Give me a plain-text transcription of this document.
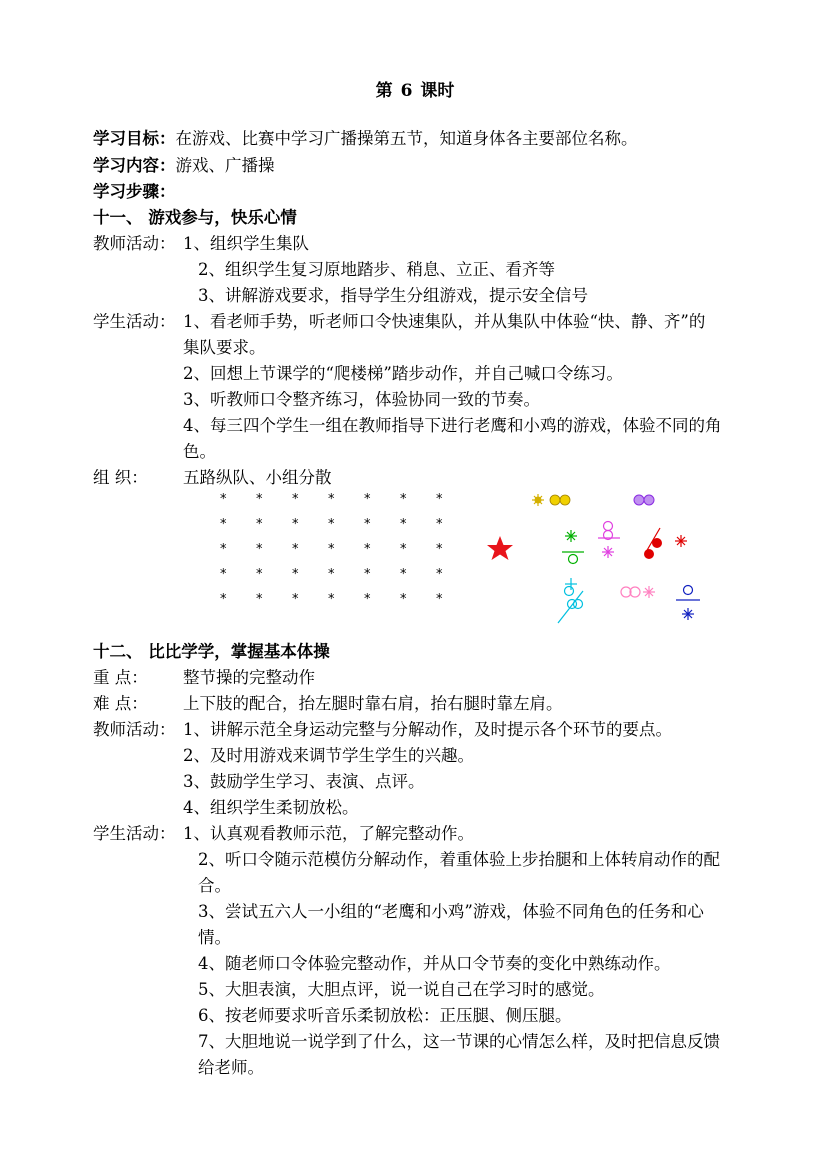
第 6 课时
学习目标：在游戏、比赛中学习广播操第五节，知道身体各主要部位名称。
学习内容：游戏、广播操
学习步骤：
十一、 游戏参与，快乐心情
教师活动： 1、组织学生集队
2、组织学生复习原地踏步、稍息、立正、看齐等
3、讲解游戏要求，指导学生分组游戏，提示安全信号
学生活动： 1、看老师手势，听老师口令快速集队，并从集队中体验“快、静、齐”的
集队要求。
2、回想上节课学的“爬楼梯”踏步动作，并自己喊口令练习。
3、听教师口令整齐练习，体验协同一致的节奏。
4、每三四个学生一组在教师指导下进行老鹰和小鸡的游戏，体验不同的角
色。
组 织： 五路纵队、小组分散
* * * * * * *
* * * * * * *
* * * * * * *
* * * * * * *
* * * * * * *
十二、 比比学学，掌握基本体操
重 点： 整节操的完整动作
难 点： 上下肢的配合，抬左腿时靠右肩，抬右腿时靠左肩。
教师活动： 1、讲解示范全身运动完整与分解动作，及时提示各个环节的要点。
2、及时用游戏来调节学生学生的兴趣。
3、鼓励学生学习、表演、点评。
4、组织学生柔韧放松。
学生活动： 1、认真观看教师示范，了解完整动作。
2、听口令随示范模仿分解动作，着重体验上步抬腿和上体转肩动作的配
合。
3、尝试五六人一小组的“老鹰和小鸡”游戏，体验不同角色的任务和心
情。
4、随老师口令体验完整动作，并从口令节奏的变化中熟练动作。
5、大胆表演，大胆点评，说一说自己在学习时的感觉。
6、按老师要求听音乐柔韧放松：正压腿、侧压腿。
7、大胆地说一说学到了什么，这一节课的心情怎么样，及时把信息反馈
给老师。
